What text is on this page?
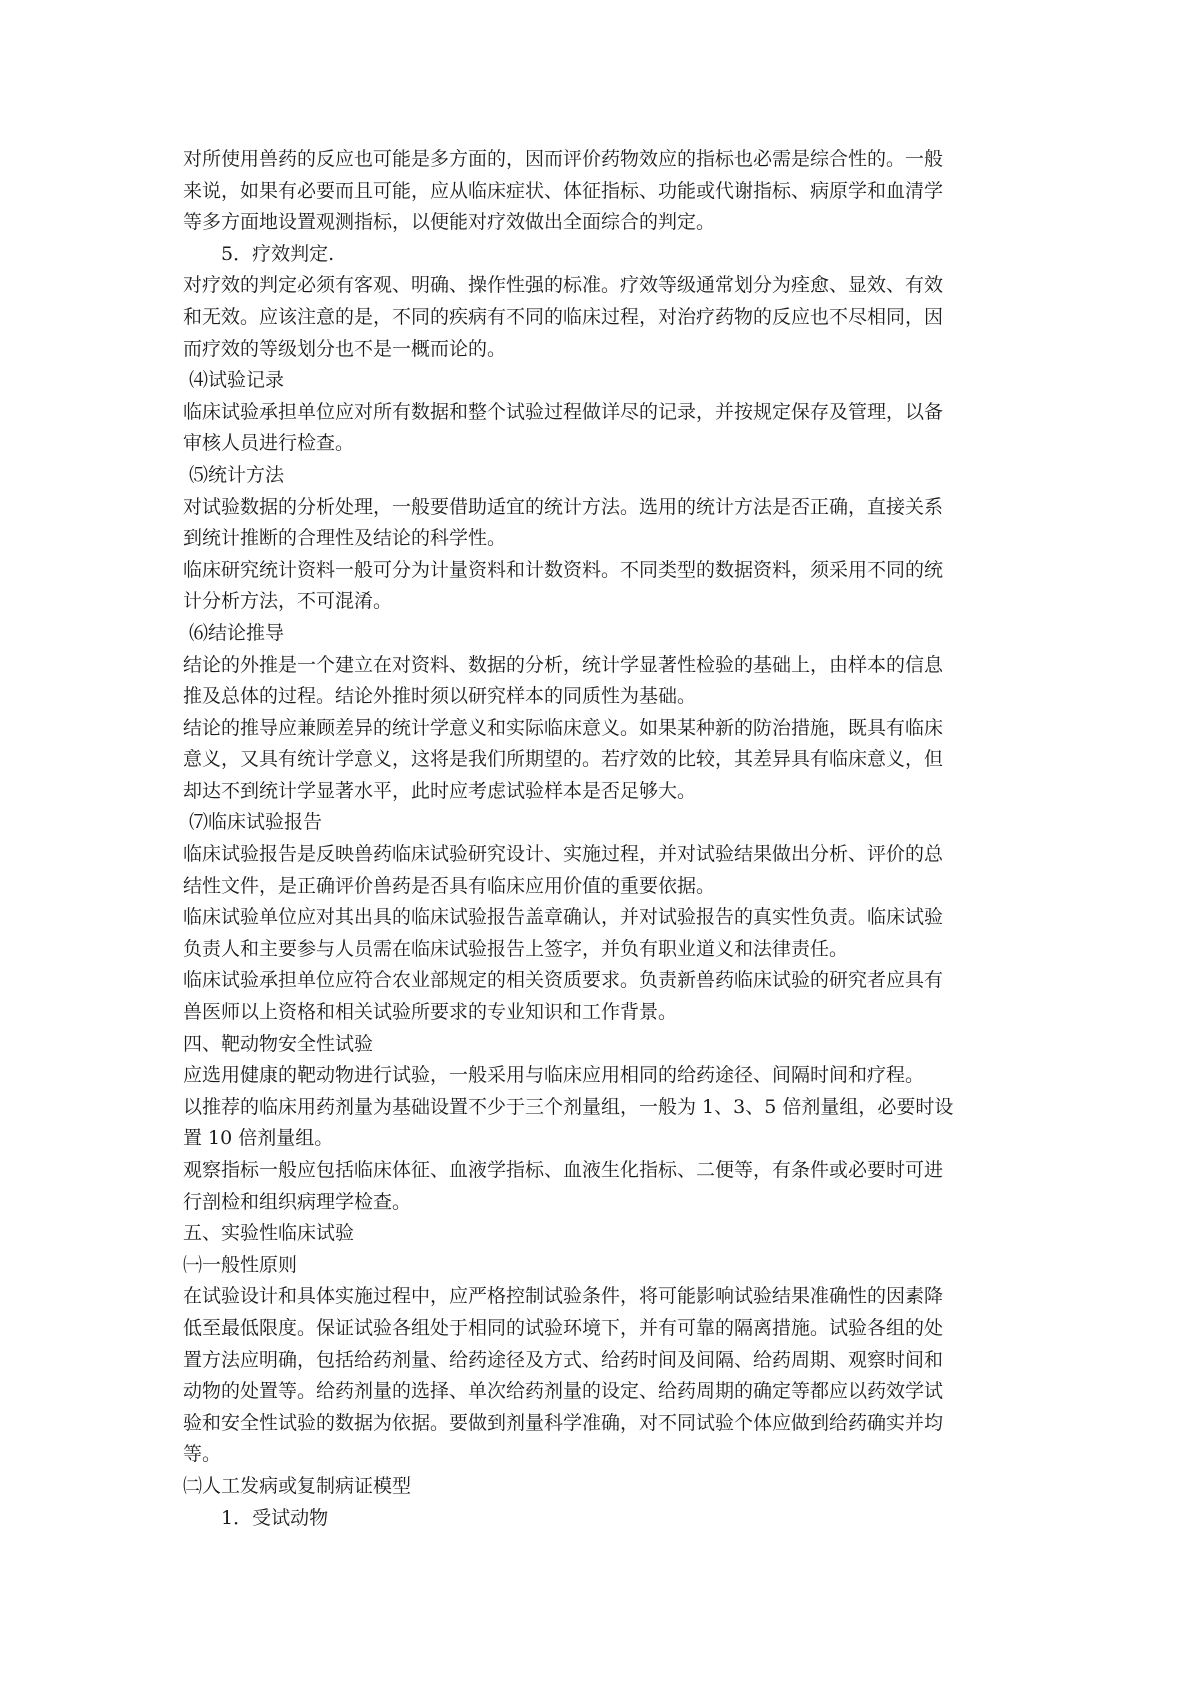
对所使用兽药的反应也可能是多方面的，因而评价药物效应的指标也必需是综合性的。一般
来说，如果有必要而且可能，应从临床症状、体征指标、功能或代谢指标、病原学和血清学
等多方面地设置观测指标，以便能对疗效做出全面综合的判定。
5．疗效判定.
对疗效的判定必须有客观、明确、操作性强的标准。疗效等级通常划分为痊愈、显效、有效
和无效。应该注意的是，不同的疾病有不同的临床过程，对治疗药物的反应也不尽相同，因
而疗效的等级划分也不是一概而论的。
⑷试验记录
临床试验承担单位应对所有数据和整个试验过程做详尽的记录，并按规定保存及管理，以备
审核人员进行检查。
⑸统计方法
对试验数据的分析处理，一般要借助适宜的统计方法。选用的统计方法是否正确，直接关系
到统计推断的合理性及结论的科学性。
临床研究统计资料一般可分为计量资料和计数资料。不同类型的数据资料，须采用不同的统
计分析方法，不可混淆。
⑹结论推导
结论的外推是一个建立在对资料、数据的分析，统计学显著性检验的基础上，由样本的信息
推及总体的过程。结论外推时须以研究样本的同质性为基础。
结论的推导应兼顾差异的统计学意义和实际临床意义。如果某种新的防治措施，既具有临床
意义，又具有统计学意义，这将是我们所期望的。若疗效的比较，其差异具有临床意义，但
却达不到统计学显著水平，此时应考虑试验样本是否足够大。
⑺临床试验报告
临床试验报告是反映兽药临床试验研究设计、实施过程，并对试验结果做出分析、评价的总
结性文件，是正确评价兽药是否具有临床应用价值的重要依据。
临床试验单位应对其出具的临床试验报告盖章确认，并对试验报告的真实性负责。临床试验
负责人和主要参与人员需在临床试验报告上签字，并负有职业道义和法律责任。
临床试验承担单位应符合农业部规定的相关资质要求。负责新兽药临床试验的研究者应具有
兽医师以上资格和相关试验所要求的专业知识和工作背景。
四、靶动物安全性试验
应选用健康的靶动物进行试验，一般采用与临床应用相同的给药途径、间隔时间和疗程。
以推荐的临床用药剂量为基础设置不少于三个剂量组，一般为 1、3、5 倍剂量组，必要时设
置 10 倍剂量组。
观察指标一般应包括临床体征、血液学指标、血液生化指标、二便等，有条件或必要时可进
行剖检和组织病理学检查。
五、实验性临床试验
㈠一般性原则
在试验设计和具体实施过程中，应严格控制试验条件，将可能影响试验结果准确性的因素降
低至最低限度。保证试验各组处于相同的试验环境下，并有可靠的隔离措施。试验各组的处
置方法应明确，包括给药剂量、给药途径及方式、给药时间及间隔、给药周期、观察时间和
动物的处置等。给药剂量的选择、单次给药剂量的设定、给药周期的确定等都应以药效学试
验和安全性试验的数据为依据。要做到剂量科学准确，对不同试验个体应做到给药确实并均
等。
㈡人工发病或复制病证模型
1．受试动物
